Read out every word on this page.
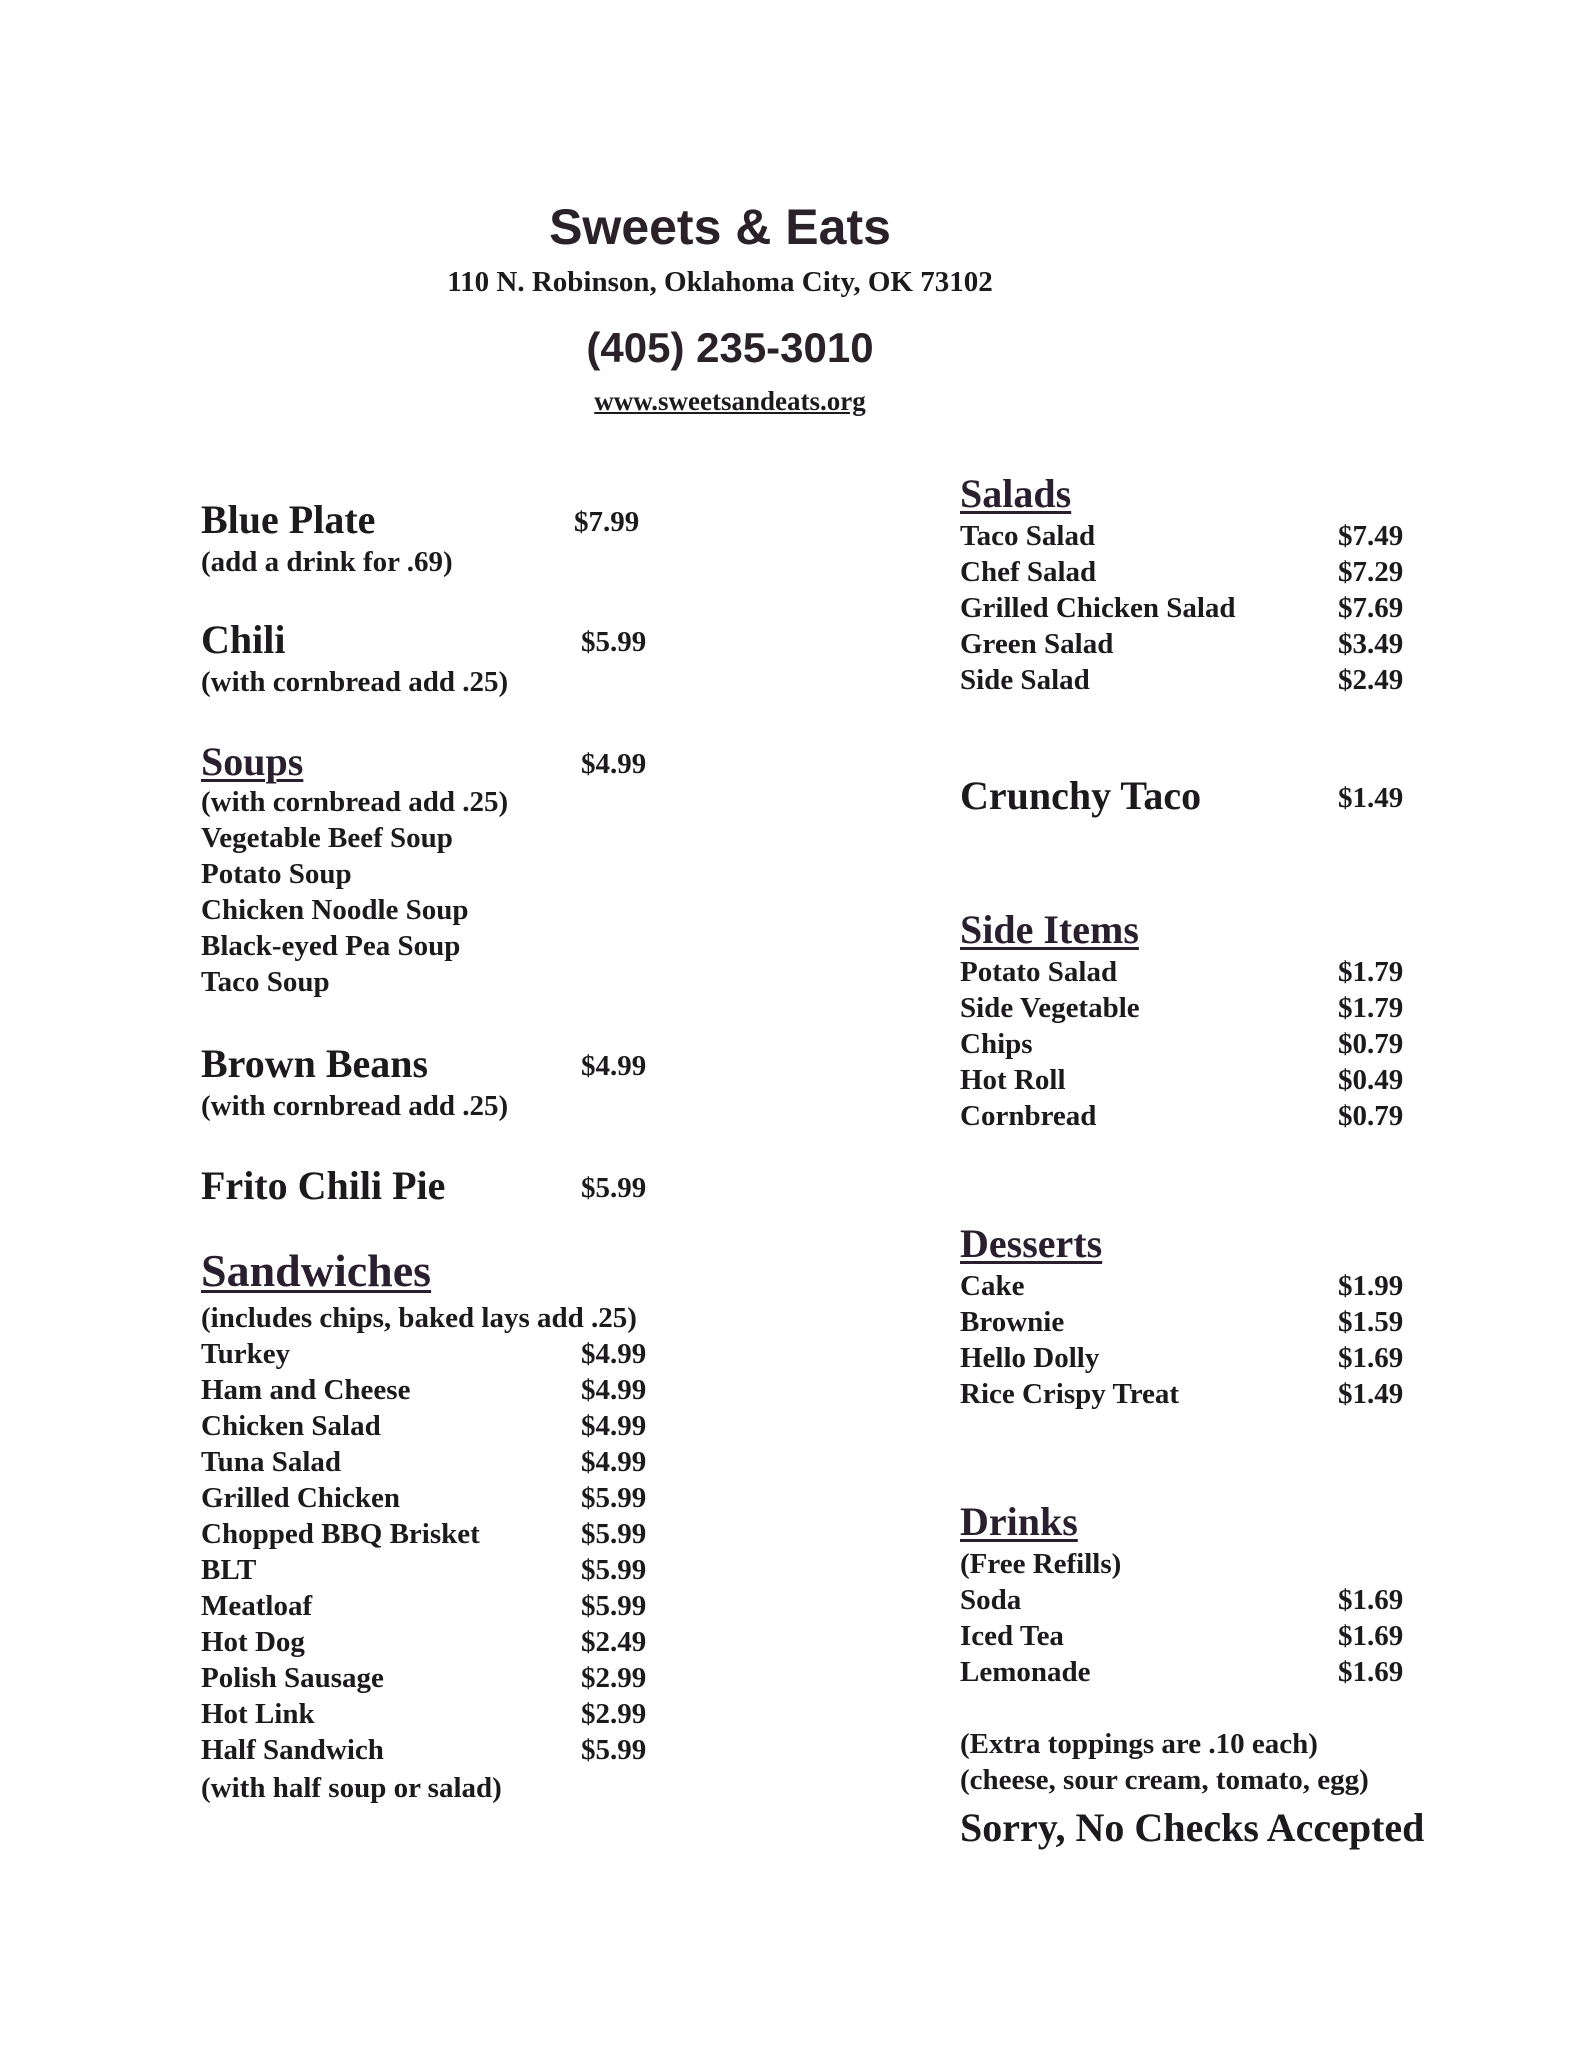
Sweets & Eats
110 N. Robinson, Oklahoma City, OK 73102
(405) 235-3010
www.sweetsandeats.org
Blue Plate	$7.99
(add a drink for .69)
Chili	$5.99
(with cornbread add .25)
Soups	$4.99
(with cornbread add .25)
Vegetable Beef Soup
Potato Soup
Chicken Noodle Soup
Black-eyed Pea Soup
Taco Soup
Brown Beans	$4.99
(with cornbread add .25)
Frito Chili Pie	$5.99
Sandwiches
(includes chips, baked lays add .25)
Turkey	$4.99
Ham and Cheese	$4.99
Chicken Salad	$4.99
Tuna Salad	$4.99
Grilled Chicken	$5.99
Chopped BBQ Brisket	$5.99
BLT	$5.99
Meatloaf	$5.99
Hot Dog	$2.49
Polish Sausage	$2.99
Hot Link	$2.99
Half Sandwich	$5.99
(with half soup or salad)
Salads
Taco Salad	$7.49
Chef Salad	$7.29
Grilled Chicken Salad	$7.69
Green Salad	$3.49
Side Salad	$2.49
Crunchy Taco	$1.49
Side Items
Potato Salad	$1.79
Side Vegetable	$1.79
Chips	$0.79
Hot Roll	$0.49
Cornbread	$0.79
Desserts
Cake	$1.99
Brownie	$1.59
Hello Dolly	$1.69
Rice Crispy Treat	$1.49
Drinks
(Free Refills)
Soda	$1.69
Iced Tea	$1.69
Lemonade	$1.69
(Extra toppings are .10 each)
(cheese, sour cream, tomato, egg)
Sorry, No Checks Accepted
